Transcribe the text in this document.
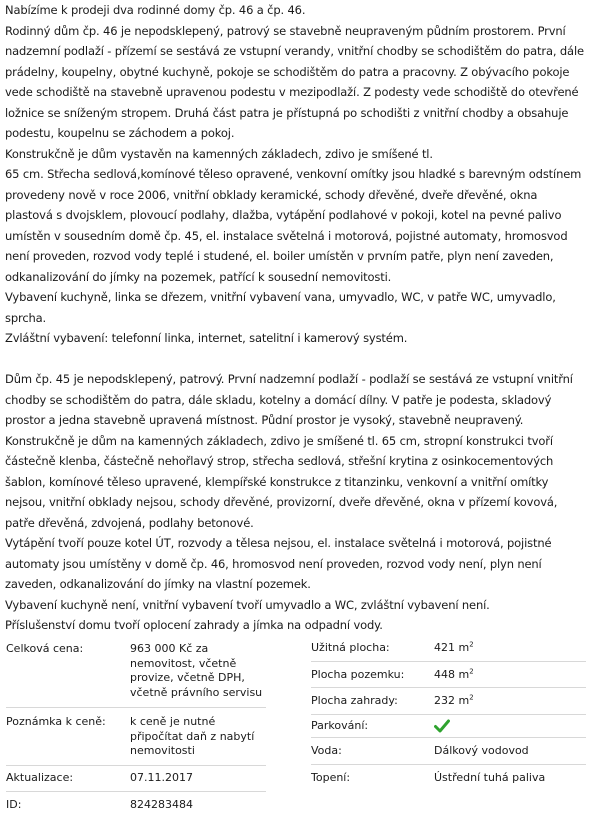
Nabízíme k prodeji dva rodinné domy čp. 46 a čp. 46.

Rodinný dům čp. 46 je nepodsklepený, patrový se stavebně neupraveným půdním prostorem. První nadzemní podlaží - přízemí se sestává ze vstupní verandy, vnitřní chodby se schodištěm do patra, dále prádelny, koupelny, obytné kuchyně, pokoje se schodištěm do patra a pracovny. Z obývacího pokoje vede schodiště na stavebně upravenou podestu v mezipodlaží. Z podesty vede schodiště do otevřené ložnice se sníženým stropem. Druhá část patra je přístupná po schodišti z vnitřní chodby a obsahuje podestu, koupelnu se záchodem a pokoj.

Konstrukčně je dům vystavěn na kamenných základech, zdivo je smíšené tl.

65 cm. Střecha sedlová,komínové těleso opravené, venkovní omítky jsou hladké s barevným odstínem provedeny nově v roce 2006, vnitřní obklady keramické, schody dřevěné, dveře dřevěné, okna plastová s dvojsklem, plovoucí podlahy, dlažba, vytápění podlahové v pokoji, kotel na pevné palivo umístěn v sousedním domě čp. 45, el. instalace světelná i motorová, pojistné automaty, hromosvod není proveden, rozvod vody teplé i studené, el. boiler umístěn v prvním patře, plyn není zaveden, odkanalizování do jímky na pozemek, patřící k sousední nemovitosti.

Vybavení kuchyně, linka se dřezem, vnitřní vybavení vana, umyvadlo, WC, v patře WC, umyvadlo, sprcha.

Zvláštní vybavení: telefonní linka, internet, satelitní i kamerový systém.

Dům čp. 45 je nepodsklepený, patrový. První nadzemní podlaží - podlaží se sestává ze vstupní vnitřní chodby se schodištěm do patra, dále skladu, kotelny a domácí dílny. V patře je podesta, skladový prostor a jedna stavebně upravená místnost. Půdní prostor je vysoký, stavebně neupravený.

Konstrukčně je dům na kamenných základech, zdivo je smíšené tl. 65 cm, stropní konstrukci tvoří částečně klenba, částečně nehořlavý strop, střecha sedlová, střešní krytina z osinkocementových šablon, komínové těleso upravené, klempířské konstrukce z titanzinku, venkovní a vnitřní omítky nejsou, vnitřní obklady nejsou, schody dřevěné, provizorní, dveře dřevěné, okna v přízemí kovová, patře dřevěná, zdvojená, podlahy betonové.

Vytápění tvoří pouze kotel ÚT, rozvody a tělesa nejsou, el. instalace světelná i motorová, pojistné automaty jsou umístěny v domě čp. 46, hromosvod není proveden, rozvod vody není, plyn není zaveden, odkanalizování do jímky na vlastní pozemek.

Vybavení kuchyně není, vnitřní vybavení tvoří umyvadlo a WC, zvláštní vybavení není.

Příslušenství domu tvoří oplocení zahrady a jímka na odpadní vody.

Celková cena:	963 000 Kč za nemovitost, včetně provize, včetně DPH, včetně právního servisu
Poznámka k ceně:	k ceně je nutné připočítat daň z nabytí nemovitosti
Aktualizace:	07.11.2017
ID:	824283484
Užitná plocha:	421 $m^2$
Plocha pozemku:	448 $m^2$
Plocha zahrady:	232 $m^2$
Parkování:
Voda:	Dálkový vodovod
Topení:	Ústřední tuhá paliva
